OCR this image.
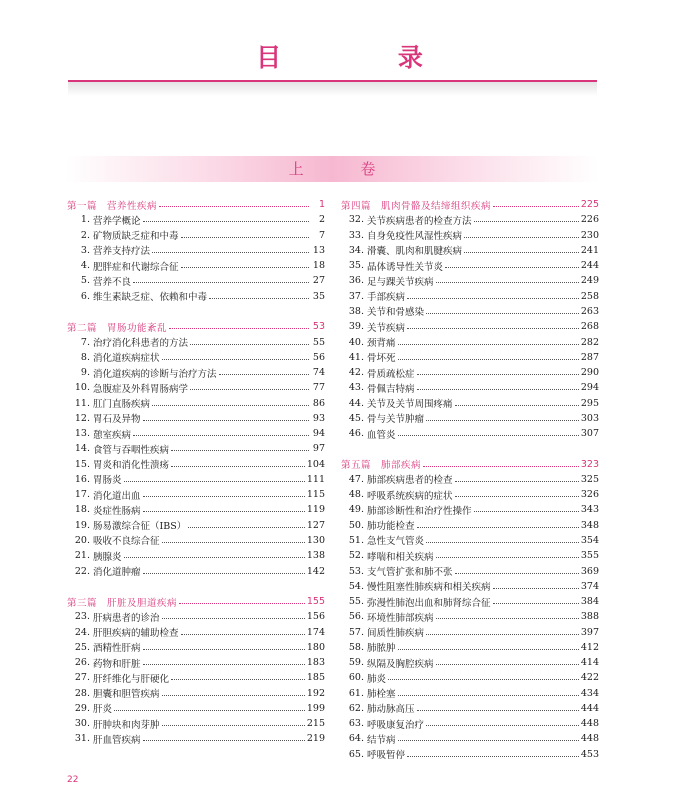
目 录
上 卷
第一篇　营养性疾病	1
1. 营养学概论	2
2. 矿物质缺乏症和中毒	7
3. 营养支持疗法	13
4. 肥胖症和代谢综合征	18
5. 营养不良	27
6. 维生素缺乏症、依赖和中毒	35
第二篇　胃肠功能紊乱	53
7. 治疗消化科患者的方法	55
8. 消化道疾病症状	56
9. 消化道疾病的诊断与治疗方法	74
10. 急腹症及外科胃肠病学	77
11. 肛门直肠疾病	86
12. 胃石及异物	93
13. 憩室疾病	94
14. 食管与吞咽性疾病	97
15. 胃炎和消化性溃疡	104
16. 胃肠炎	111
17. 消化道出血	115
18. 炎症性肠病	119
19. 肠易激综合征（IBS）	127
20. 吸收不良综合征	130
21. 胰腺炎	138
22. 消化道肿瘤	142
第三篇　肝脏及胆道疾病	155
23. 肝病患者的诊治	156
24. 肝胆疾病的辅助检查	174
25. 酒精性肝病	180
26. 药物和肝脏	183
27. 肝纤维化与肝硬化	185
28. 胆囊和胆管疾病	192
29. 肝炎	199
30. 肝肿块和肉芽肿	215
31. 肝血管疾病	219
第四篇　肌肉骨骼及结缔组织疾病	225
32. 关节疾病患者的检查方法	226
33. 自身免疫性风湿性疾病	230
34. 滑囊、肌肉和肌腱疾病	241
35. 晶体诱导性关节炎	244
36. 足与踝关节疾病	249
37. 手部疾病	258
38. 关节和骨感染	263
39. 关节疾病	268
40. 颈背痛	282
41. 骨坏死	287
42. 骨质疏松症	290
43. 骨佩吉特病	294
44. 关节及关节周围疼痛	295
45. 骨与关节肿瘤	303
46. 血管炎	307
第五篇　肺部疾病	323
47. 肺部疾病患者的检查	325
48. 呼吸系统疾病的症状	326
49. 肺部诊断性和治疗性操作	343
50. 肺功能检查	348
51. 急性支气管炎	354
52. 哮喘和相关疾病	355
53. 支气管扩张和肺不张	369
54. 慢性阻塞性肺疾病和相关疾病	374
55. 弥漫性肺泡出血和肺肾综合征	384
56. 环境性肺部疾病	388
57. 间质性肺疾病	397
58. 肺脓肿	412
59. 纵隔及胸腔疾病	414
60. 肺炎	422
61. 肺栓塞	434
62. 肺动脉高压	444
63. 呼吸康复治疗	448
64. 结节病	448
65. 呼吸暂停	453
22
